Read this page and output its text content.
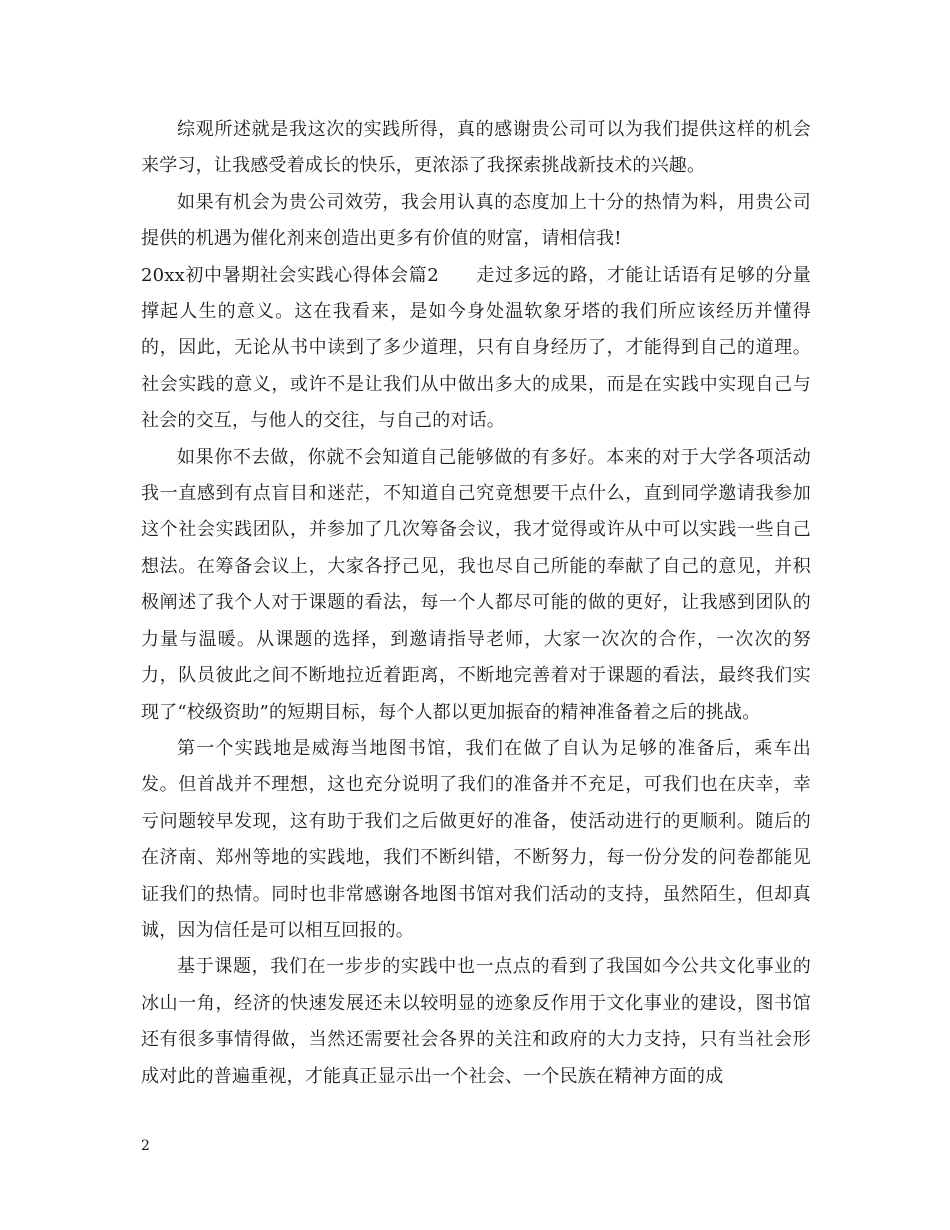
综观所述就是我这次的实践所得，真的感谢贵公司可以为我们提供这样的机会来学习，让我感受着成长的快乐，更浓添了我探索挑战新技术的兴趣。

如果有机会为贵公司效劳，我会用认真的态度加上十分的热情为料，用贵公司提供的机遇为催化剂来创造出更多有价值的财富，请相信我!

20xx初中暑期社会实践心得体会篇2　　 走过多远的路，才能让话语有足够的分量撑起人生的意义。这在我看来，是如今身处温软象牙塔的我们所应该经历并懂得的，因此，无论从书中读到了多少道理，只有自身经历了，才能得到自己的道理。社会实践的意义，或许不是让我们从中做出多大的成果，而是在实践中实现自己与社会的交互，与他人的交往，与自己的对话。

如果你不去做，你就不会知道自己能够做的有多好。本来的对于大学各项活动我一直感到有点盲目和迷茫，不知道自己究竟想要干点什么，直到同学邀请我参加这个社会实践团队，并参加了几次筹备会议，我才觉得或许从中可以实践一些自己想法。在筹备会议上，大家各抒己见，我也尽自己所能的奉献了自己的意见，并积极阐述了我个人对于课题的看法，每一个人都尽可能的做的更好，让我感到团队的力量与温暖。从课题的选择，到邀请指导老师，大家一次次的合作，一次次的努力，队员彼此之间不断地拉近着距离，不断地完善着对于课题的看法，最终我们实现了“校级资助”的短期目标，每个人都以更加振奋的精神准备着之后的挑战。

第一个实践地是威海当地图书馆，我们在做了自认为足够的准备后，乘车出发。但首战并不理想，这也充分说明了我们的准备并不充足，可我们也在庆幸，幸亏问题较早发现，这有助于我们之后做更好的准备，使活动进行的更顺利。随后的在济南、郑州等地的实践地，我们不断纠错，不断努力，每一份分发的问卷都能见证我们的热情。同时也非常感谢各地图书馆对我们活动的支持，虽然陌生，但却真诚，因为信任是可以相互回报的。

基于课题，我们在一步步的实践中也一点点的看到了我国如今公共文化事业的冰山一角，经济的快速发展还未以较明显的迹象反作用于文化事业的建设，图书馆还有很多事情得做，当然还需要社会各界的关注和政府的大力支持，只有当社会形成对此的普遍重视，才能真正显示出一个社会、一个民族在精神方面的成

2
